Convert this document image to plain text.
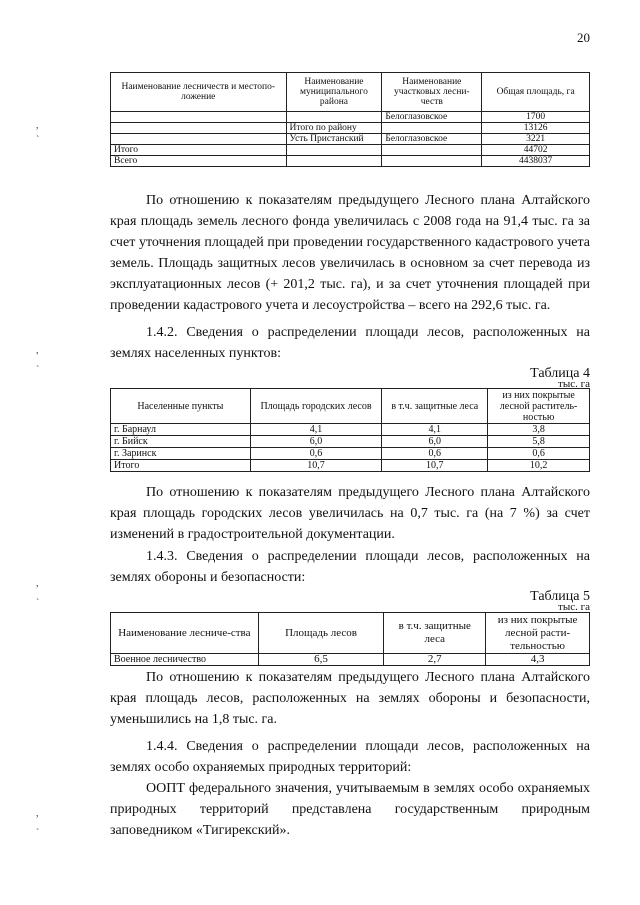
20
,
`
,
`
,
`
,
`
Наименование лесничеств и местопо-ложение	Наименование муниципального района	Наименование участковых лесни-честв	Общая площадь, га
		Белоглазовское	1700
	Итого по району		13126
	Усть Пристанский	Белоглазовское	3221
Итого			44702
Всего			4438037

По отношению к показателям предыдущего Лесного плана Алтайского края площадь земель лесного фонда увеличилась с 2008 года на 91,4 тыс. га за счет уточнения площадей при проведении государственного кадастрового учета земель. Площадь защитных лесов увеличилась в основном за счет перевода из эксплуатационных лесов (+ 201,2 тыс. га), и за счет уточнения площадей при проведении кадастрового учета и лесоустройства – всего на 292,6 тыс. га.

1.4.2. Сведения о распределении площади лесов, расположенных на землях населенных пунктов:

Таблица 4
тыс. га
Населенные пункты	Площадь городских лесов	в т.ч. защитные леса	из них покрытые лесной раститель-ностью
г. Барнаул	4,1	4,1	3,8
г. Бийск	6,0	6,0	5,8
г. Заринск	0,6	0,6	0,6
Итого	10,7	10,7	10,2

По отношению к показателям предыдущего Лесного плана Алтайского края площадь городских лесов увеличилась на 0,7 тыс. га (на 7 %) за счет изменений в градостроительной документации.

1.4.3. Сведения о распределении площади лесов, расположенных на землях обороны и безопасности:

Таблица 5
тыс. га
Наименование лесниче-ства	Площадь лесов	в т.ч. защитные леса	из них покрытые лесной расти-тельностью
Военное лесничество	6,5	2,7	4,3

По отношению к показателям предыдущего Лесного плана Алтайского края площадь лесов, расположенных на землях обороны и безопасности, уменьшились на 1,8 тыс. га.

1.4.4. Сведения о распределении площади лесов, расположенных на землях особо охраняемых природных территорий:

ООПТ федерального значения, учитываемым в землях особо охраняемых природных территорий представлена государственным природным заповедником «Тигирекский».
